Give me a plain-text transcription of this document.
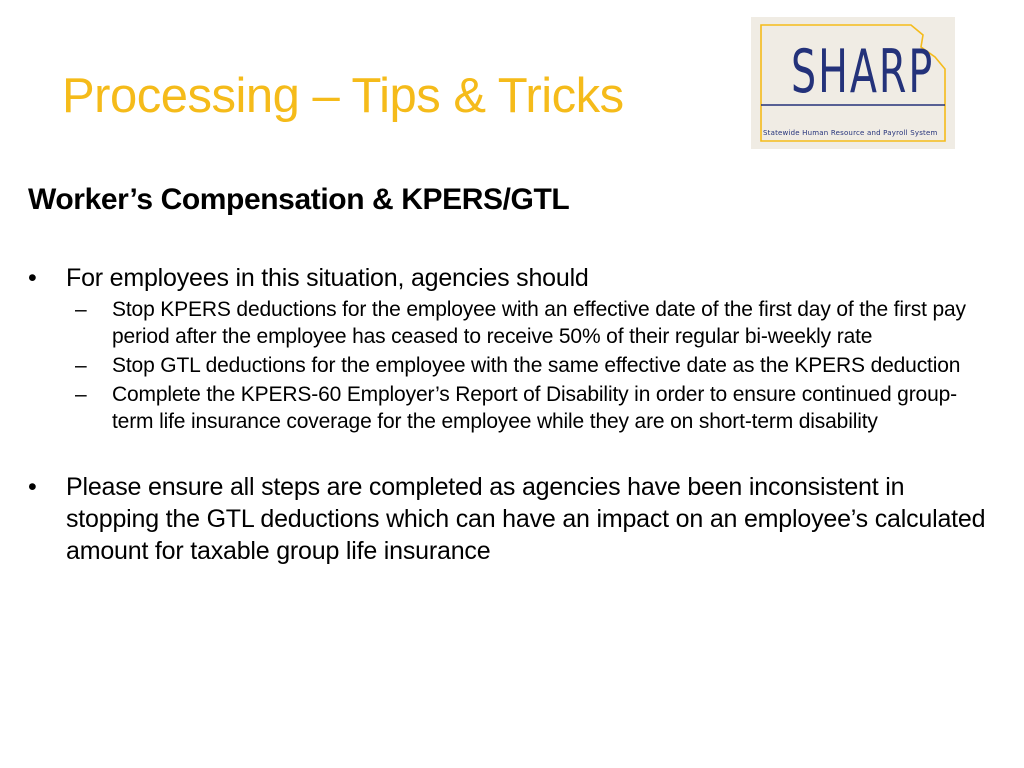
Processing – Tips & Tricks	SHARP
Statewide Human Resource and Payroll System
Worker’s Compensation & KPERS/GTL
•	For employees in this situation, agencies should
– Stop KPERS deductions for the employee with an effective date of the first day of the first pay period after the employee has ceased to receive 50% of their regular bi-weekly rate
– Stop GTL deductions for the employee with the same effective date as the KPERS deduction
– Complete the KPERS-60 Employer’s Report of Disability in order to ensure continued group-term life insurance coverage for the employee while they are on short-term disability
•	Please ensure all steps are completed as agencies have been inconsistent in stopping the GTL deductions which can have an impact on an employee’s calculated amount for taxable group life insurance
